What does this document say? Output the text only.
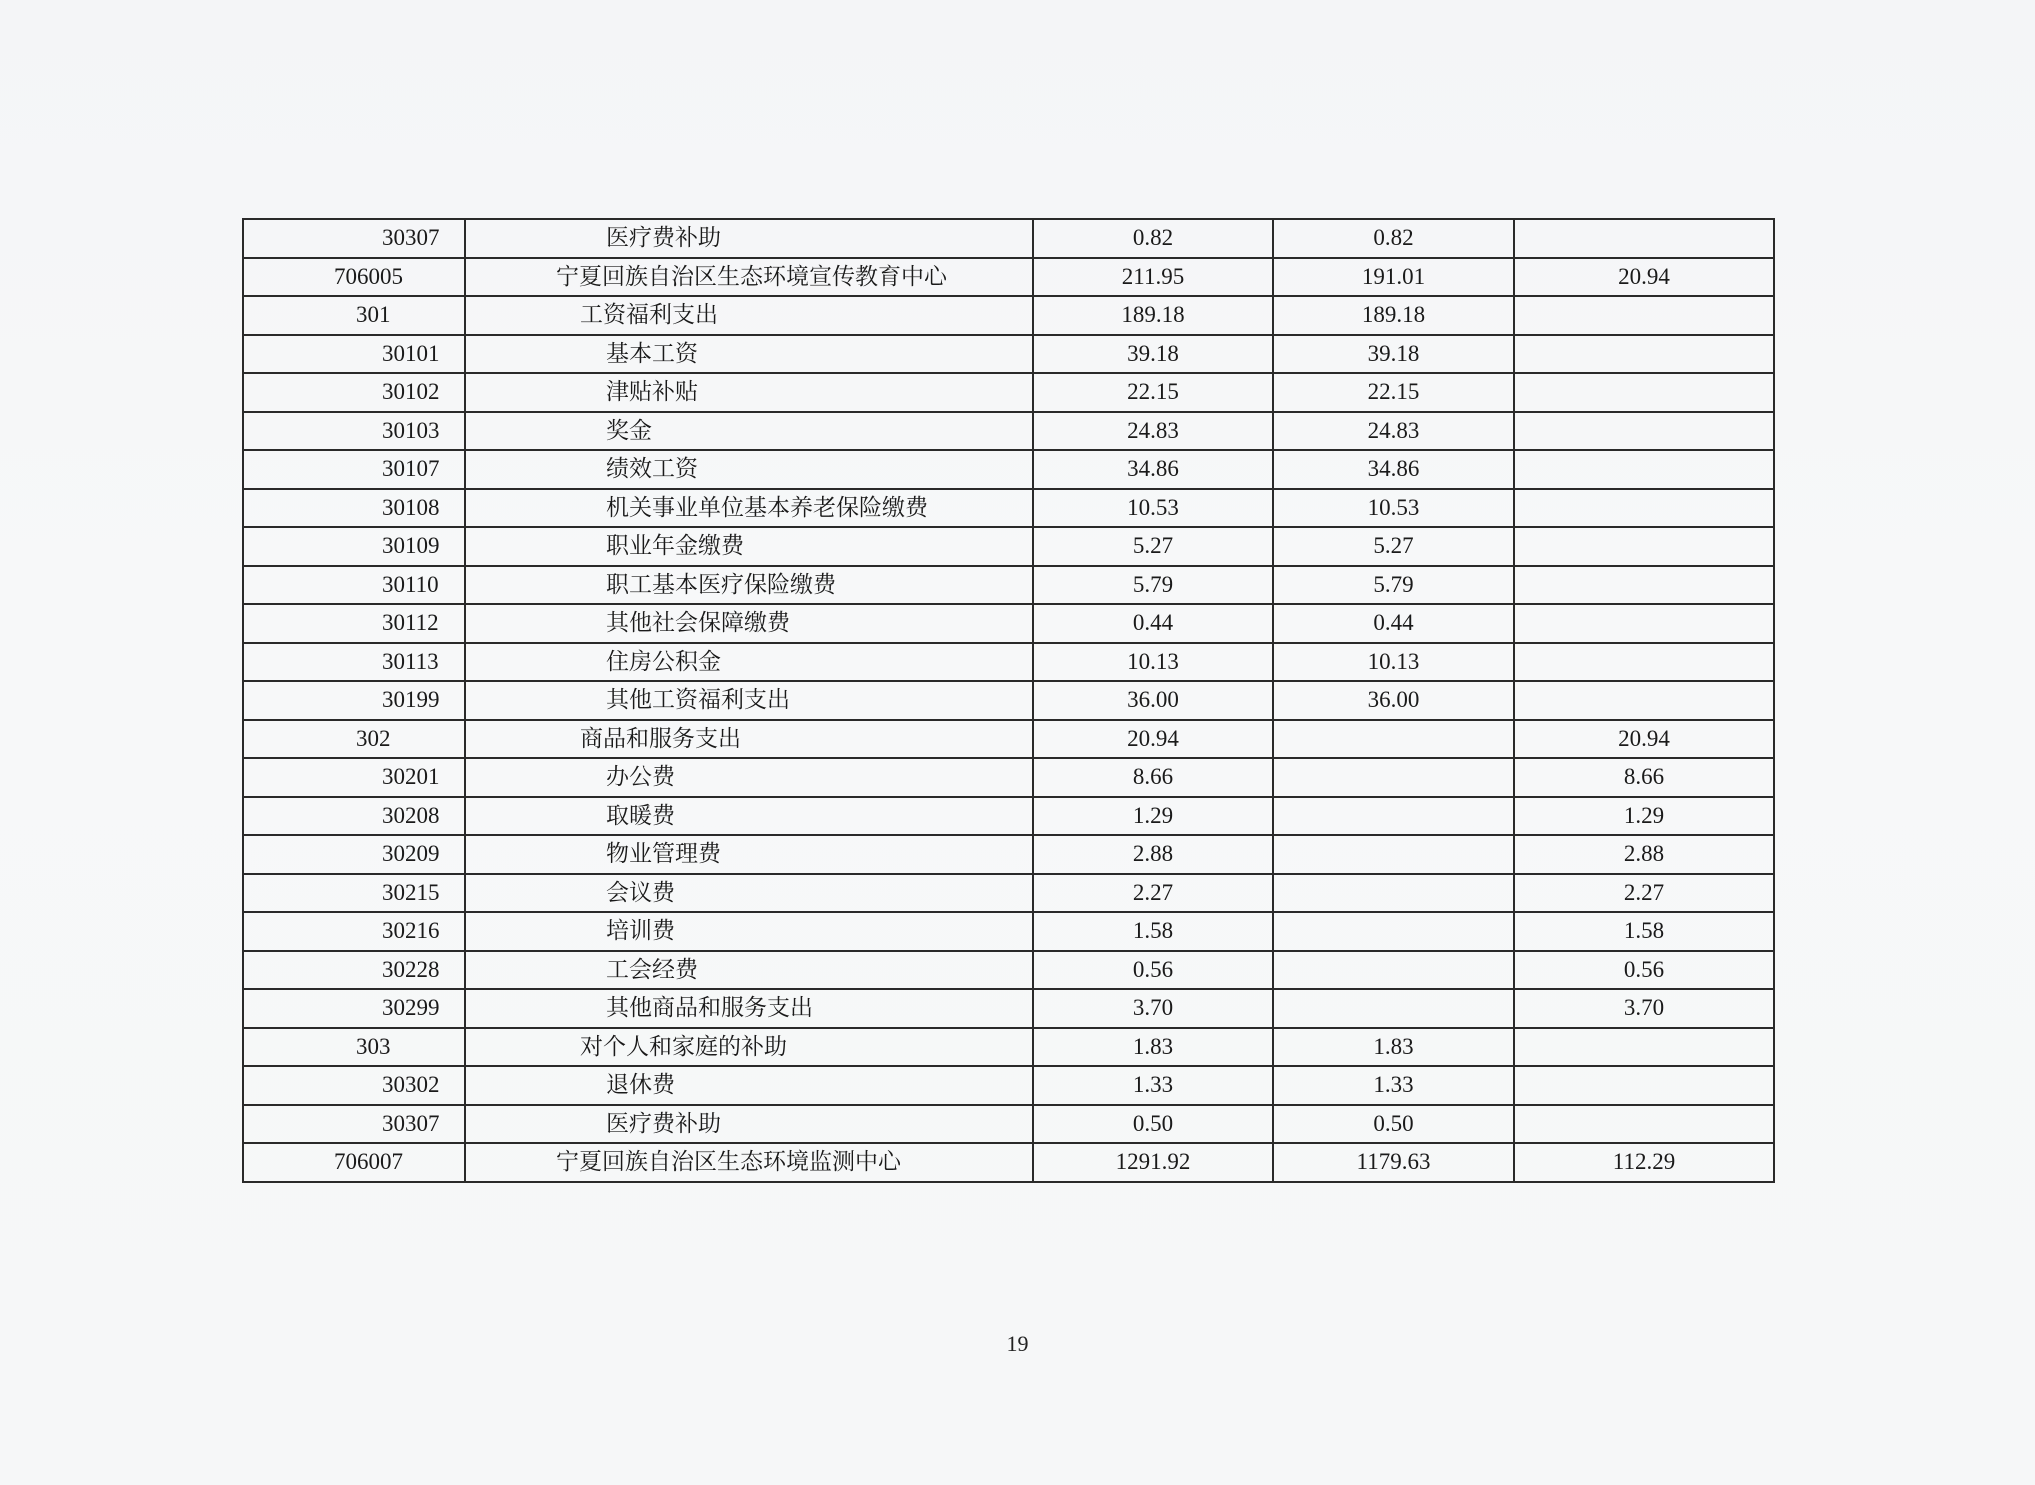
30307	医疗费补助	0.82	0.82	
706005	宁夏回族自治区生态环境宣传教育中心	211.95	191.01	20.94
301	工资福利支出	189.18	189.18	
30101	基本工资	39.18	39.18	
30102	津贴补贴	22.15	22.15	
30103	奖金	24.83	24.83	
30107	绩效工资	34.86	34.86	
30108	机关事业单位基本养老保险缴费	10.53	10.53	
30109	职业年金缴费	5.27	5.27	
30110	职工基本医疗保险缴费	5.79	5.79	
30112	其他社会保障缴费	0.44	0.44	
30113	住房公积金	10.13	10.13	
30199	其他工资福利支出	36.00	36.00	
302	商品和服务支出	20.94		20.94
30201	办公费	8.66		8.66
30208	取暖费	1.29		1.29
30209	物业管理费	2.88		2.88
30215	会议费	2.27		2.27
30216	培训费	1.58		1.58
30228	工会经费	0.56		0.56
30299	其他商品和服务支出	3.70		3.70
303	对个人和家庭的补助	1.83	1.83	
30302	退休费	1.33	1.33	
30307	医疗费补助	0.50	0.50	
706007	宁夏回族自治区生态环境监测中心	1291.92	1179.63	112.29
19
